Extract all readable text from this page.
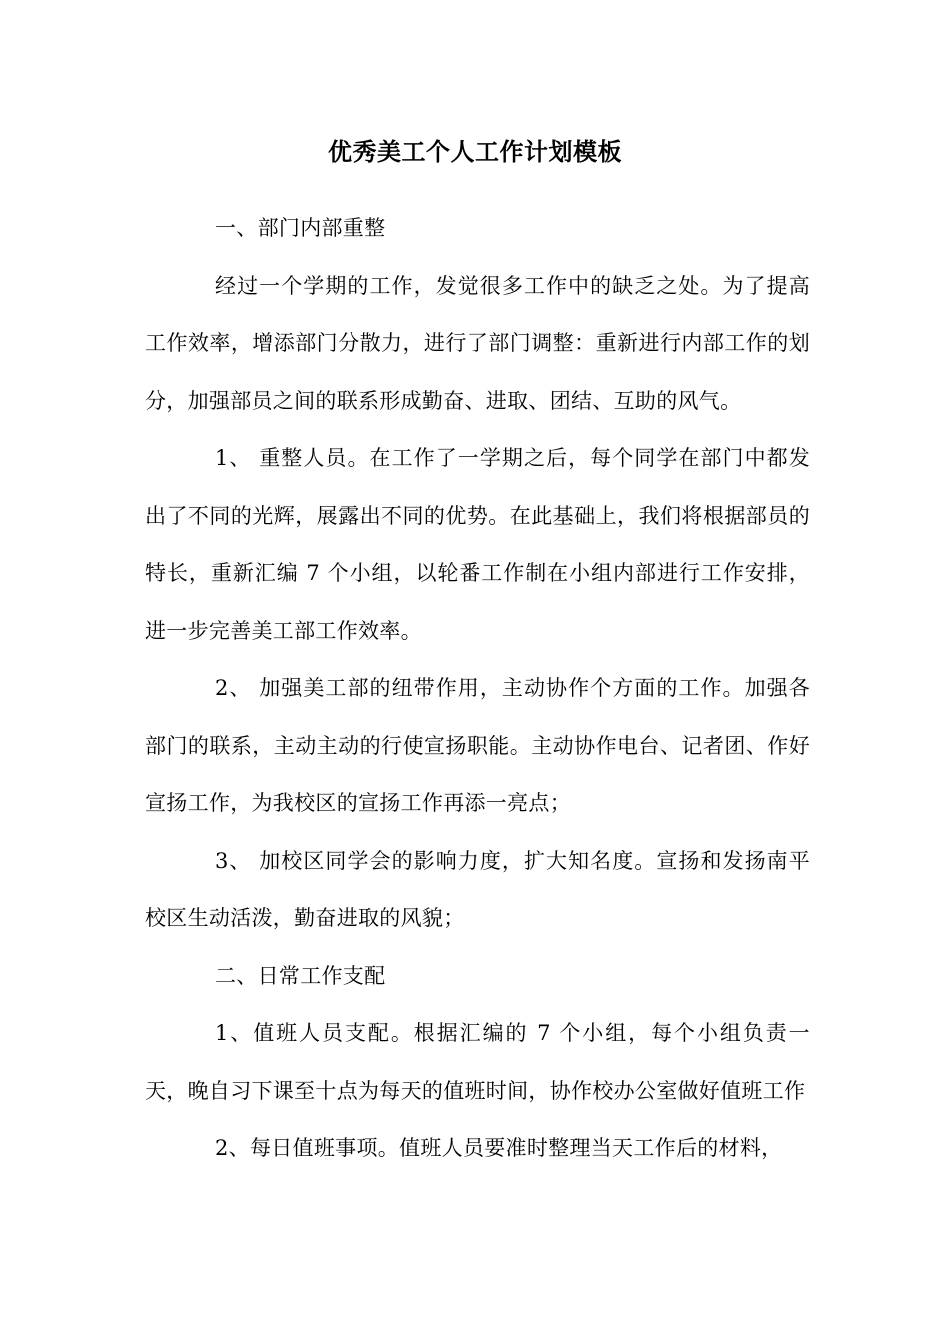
优秀美工个人工作计划模板

一、部门内部重整

经过一个学期的工作，发觉很多工作中的缺乏之处。为了提高工作效率，增添部门分散力，进行了部门调整：重新进行内部工作的划分，加强部员之间的联系形成勤奋、进取、团结、互助的风气。

1、 重整人员。在工作了一学期之后，每个同学在部门中都发出了不同的光辉，展露出不同的优势。在此基础上，我们将根据部员的特长，重新汇编 7 个小组，以轮番工作制在小组内部进行工作安排，进一步完善美工部工作效率。

2、 加强美工部的纽带作用，主动协作个方面的工作。加强各部门的联系，主动主动的行使宣扬职能。主动协作电台、记者团、作好宣扬工作，为我校区的宣扬工作再添一亮点；

3、 加校区同学会的影响力度，扩大知名度。宣扬和发扬南平校区生动活泼，勤奋进取的风貌；

二、日常工作支配

1、值班人员支配。根据汇编的 7 个小组，每个小组负责一天，晚自习下课至十点为每天的值班时间，协作校办公室做好值班工作

2、每日值班事项。值班人员要准时整理当天工作后的材料，
